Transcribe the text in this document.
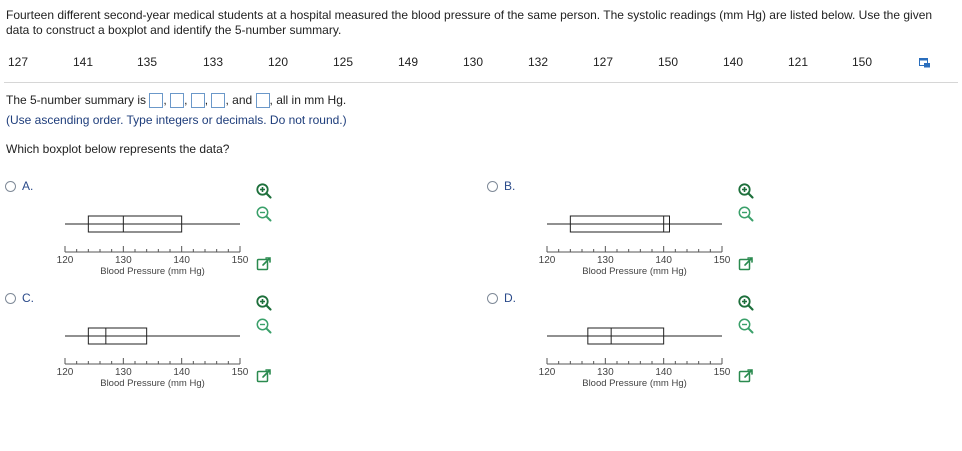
Fourteen different second-year medical students at a hospital measured the blood pressure of the same person. The systolic readings (mm Hg) are listed below. Use the given data to construct a boxplot and identify the 5-number summary.
127	141	135	133	120	125	149	130	132	127	150	140	121	150
The 5-number summary is , , , , and , all in mm Hg.
(Use ascending order. Type integers or decimals. Do not round.)
Which boxplot below represents the data?
A.	B.
C.	D.
120	130	140	150
Blood Pressure (mm Hg)
120	130	140	150
Blood Pressure (mm Hg)
120	130	140	150
Blood Pressure (mm Hg)
120	130	140	150
Blood Pressure (mm Hg)
